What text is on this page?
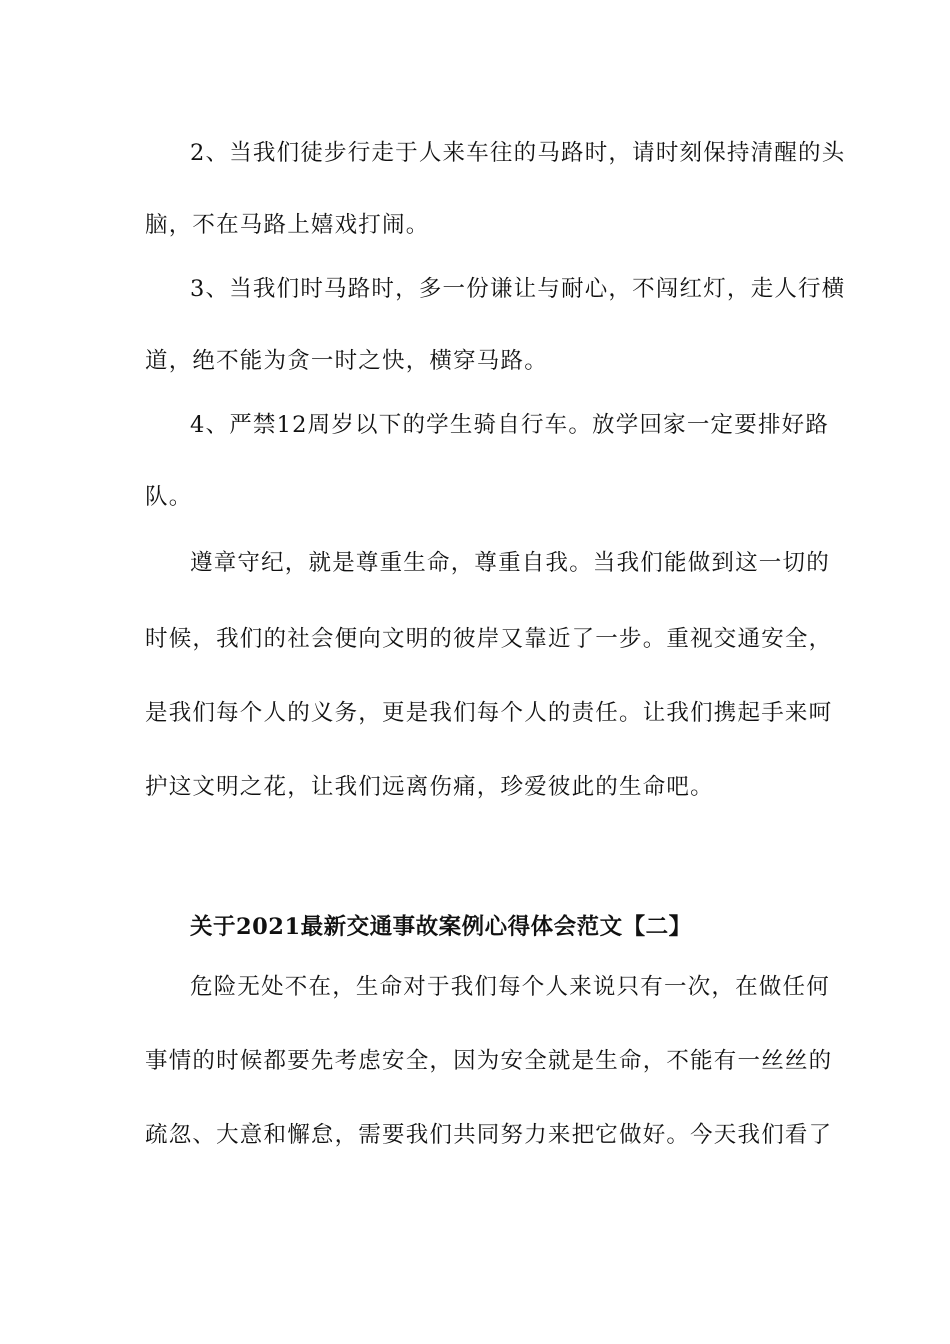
2、当我们徒步行走于人来车往的马路时，请时刻保持清醒的头
脑，不在马路上嬉戏打闹。
3、当我们时马路时，多一份谦让与耐心，不闯红灯，走人行横
道，绝不能为贪一时之快，横穿马路。
4、严禁12周岁以下的学生骑自行车。放学回家一定要排好路
队。
遵章守纪，就是尊重生命，尊重自我。当我们能做到这一切的
时候，我们的社会便向文明的彼岸又靠近了一步。重视交通安全，
是我们每个人的义务，更是我们每个人的责任。让我们携起手来呵
护这文明之花，让我们远离伤痛，珍爱彼此的生命吧。
关于2021最新交通事故案例心得体会范文【二】
危险无处不在，生命对于我们每个人来说只有一次，在做任何
事情的时候都要先考虑安全，因为安全就是生命，不能有一丝丝的
疏忽、大意和懈怠，需要我们共同努力来把它做好。今天我们看了
